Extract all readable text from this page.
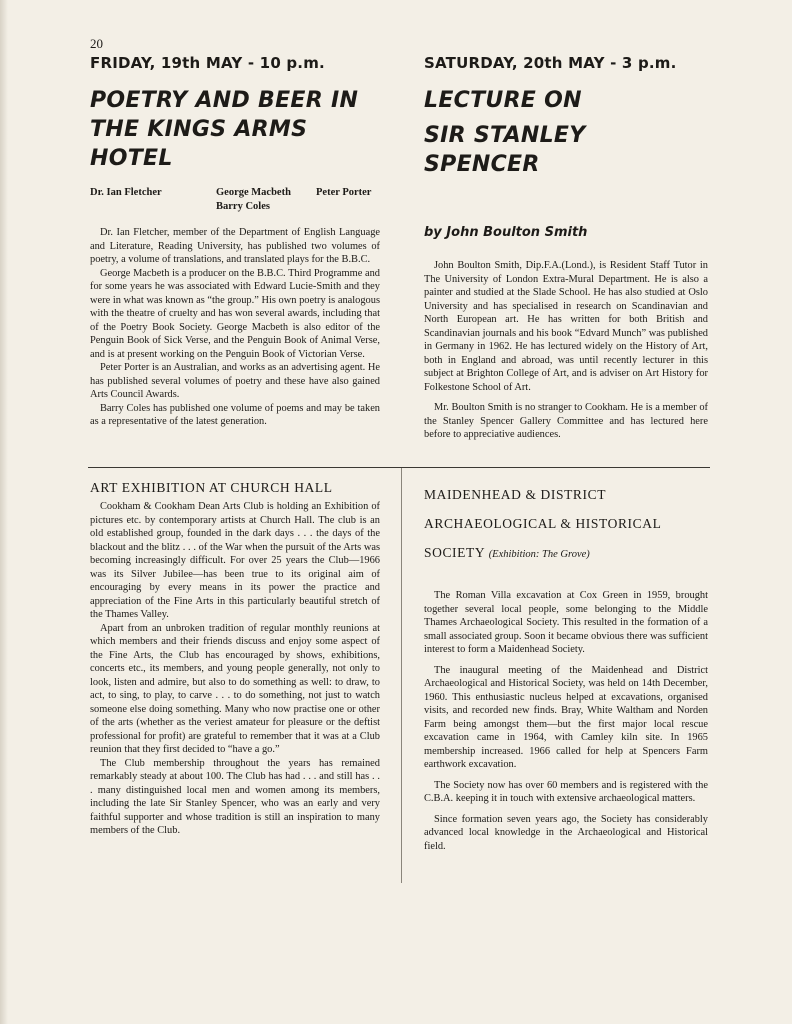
20
FRIDAY, 19th MAY - 10 p.m.
POETRY AND BEER IN
THE KINGS ARMS
HOTEL
Dr. Ian Fletcher	George Macbeth Peter Porter
Barry Coles

Dr. Ian Fletcher, member of the Department of English Language and Literature, Reading University, has published two volumes of poetry, a volume of translations, and translated plays for the B.B.C.

George Macbeth is a producer on the B.B.C. Third Programme and for some years he was associated with Edward Lucie-Smith and they were in what was known as “the group.” His own poetry is analogous with the theatre of cruelty and has won several awards, including that of the Poetry Book Society. George Macbeth is also editor of the Penguin Book of Sick Verse, and the Penguin Book of Animal Verse, and is at present working on the Penguin Book of Victorian Verse.

Peter Porter is an Australian, and works as an advertising agent. He has published several volumes of poetry and these have also gained Arts Council Awards.

Barry Coles has published one volume of poems and may be taken as a representative of the latest generation.

SATURDAY, 20th MAY - 3 p.m.
LECTURE ON
SIR STANLEY SPENCER

by John Boulton Smith

John Boulton Smith, Dip.F.A.(Lond.), is Resident Staff Tutor in The University of London Extra-Mural Department. He is also a painter and studied at the Slade School. He has also studied at Oslo University and has specialised in research on Scandinavian and North European art. He has written for both British and Scandinavian journals and his book “Edvard Munch” was published in Germany in 1962. He has lectured widely on the History of Art, both in England and abroad, was until recently lecturer in this subject at Brighton College of Art, and is adviser on Art History for Folkestone School of Art.

Mr. Boulton Smith is no stranger to Cookham. He is a member of the Stanley Spencer Gallery Committee and has lectured here before to appreciative audiences.

ART EXHIBITION AT CHURCH HALL

Cookham & Cookham Dean Arts Club is holding an Exhibition of pictures etc. by contemporary artists at Church Hall. The club is an old established group, founded in the dark days . . . the days of the blackout and the blitz . . . of the War when the pursuit of the Arts was becoming increasingly difficult. For over 25 years the Club—1966 was its Silver Jubilee—has been true to its original aim of encouraging by every means in its power the practice and appreciation of the Fine Arts in this particularly beautiful stretch of the Thames Valley.

Apart from an unbroken tradition of regular monthly reunions at which members and their friends discuss and enjoy some aspect of the Fine Arts, the Club has encouraged by shows, exhibitions, concerts etc., its members, and young people generally, not only to look, listen and admire, but also to do something as well: to draw, to act, to sing, to play, to carve . . . to do something, not just to watch someone else doing something. Many who now practise one or other of the arts (whether as the veriest amateur for pleasure or the deftist professional for profit) are grateful to remember that it was at a Club reunion that they first decided to “have a go.”

The Club membership throughout the years has remained remarkably steady at about 100. The Club has had . . . and still has . . . many distinguished local men and women among its members, including the late Sir Stanley Spencer, who was an early and very faithful supporter and whose tradition is still an inspiration to many members of the Club.

MAIDENHEAD & DISTRICT
ARCHAEOLOGICAL & HISTORICAL
SOCIETY (Exhibition: The Grove)

The Roman Villa excavation at Cox Green in 1959, brought together several local people, some belonging to the Middle Thames Archaeological Society. This resulted in the formation of a small associated group. Soon it became obvious there was sufficient interest to form a Maidenhead Society.

The inaugural meeting of the Maidenhead and District Archaeological and Historical Society, was held on 14th December, 1960. This enthusiastic nucleus helped at excavations, organised visits, and recorded new finds. Bray, White Waltham and Norden Farm being amongst them—but the first major local rescue excavation came in 1964, with Camley kiln site. In 1965 membership increased. 1966 called for help at Spencers Farm earthwork excavation.

The Society now has over 60 members and is registered with the C.B.A. keeping it in touch with extensive archaeological matters.

Since formation seven years ago, the Society has considerably advanced local knowledge in the Archaeological and Historical field.
